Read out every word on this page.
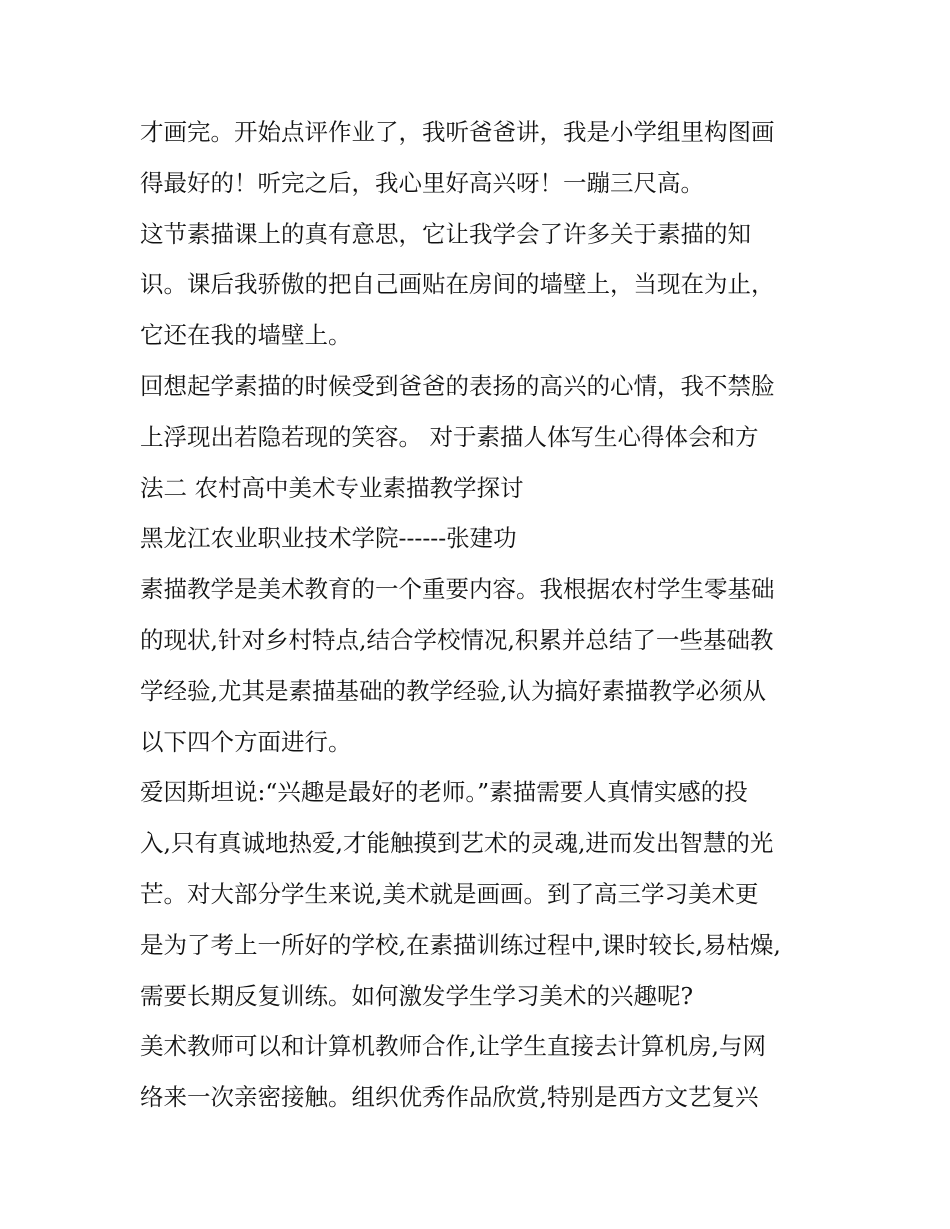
才画完。开始点评作业了，我听爸爸讲，我是小学组里构图画
得最好的！听完之后，我心里好高兴呀！一蹦三尺高。
这节素描课上的真有意思，它让我学会了许多关于素描的知
识。课后我骄傲的把自己画贴在房间的墙壁上，当现在为止，
它还在我的墙壁上。
回想起学素描的时候受到爸爸的表扬的高兴的心情，我不禁脸
上浮现出若隐若现的笑容。 对于素描人体写生心得体会和方
法二 农村高中美术专业素描教学探讨
黑龙江农业职业技术学院------张建功
素描教学是美术教育的一个重要内容。我根据农村学生零基础
的现状,针对乡村特点,结合学校情况,积累并总结了一些基础教
学经验,尤其是素描基础的教学经验,认为搞好素描教学必须从
以下四个方面进行。
爱因斯坦说:“兴趣是最好的老师。”素描需要人真情实感的投
入,只有真诚地热爱,才能触摸到艺术的灵魂,进而发出智慧的光
芒。对大部分学生来说,美术就是画画。到了高三学习美术更
是为了考上一所好的学校,在素描训练过程中,课时较长,易枯燥,
需要长期反复训练。如何激发学生学习美术的兴趣呢?
美术教师可以和计算机教师合作,让学生直接去计算机房,与网
络来一次亲密接触。组织优秀作品欣赏,特别是西方文艺复兴
